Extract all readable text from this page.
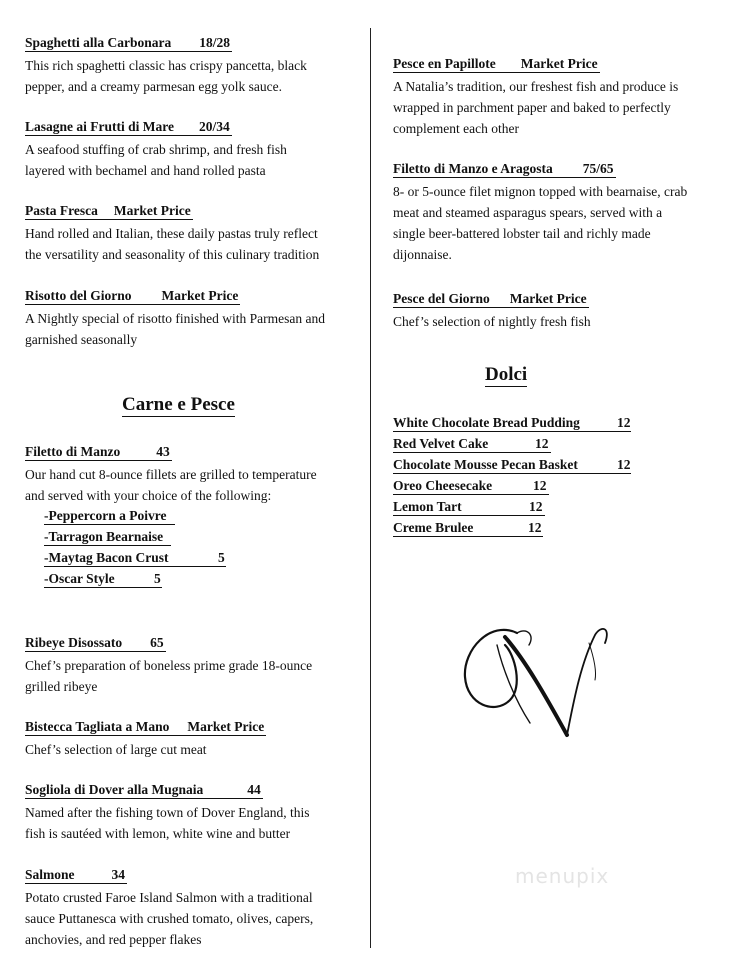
Spaghetti alla Carbonara 18/28
This rich spaghetti classic has crispy pancetta, black
pepper, and a creamy parmesan egg yolk sauce.
Lasagne ai Frutti di Mare 20/34
A seafood stuffing of crab shrimp, and fresh fish
layered with bechamel and hand rolled pasta
Pasta Fresca Market Price
Hand rolled and Italian, these daily pastas truly reflect
the versatility and seasonality of this culinary tradition
Risotto del Giorno Market Price
A Nightly special of risotto finished with Parmesan and
garnished seasonally
Carne e Pesce
Filetto di Manzo	43
Our hand cut 8-ounce fillets are grilled to temperature
and served with your choice of the following:
-Peppercorn a Poivre
-Tarragon Bearnaise
-Maytag Bacon Crust	5
-Oscar Style	5
Ribeye Disossato 65
Chef’s preparation of boneless prime grade 18-ounce
grilled ribeye
Bistecca Tagliata a Mano Market Price
Chef’s selection of large cut meat
Sogliola di Dover alla Mugnaia	44
Named after the fishing town of Dover England, this
fish is sautéed with lemon, white wine and butter
Salmone	34
Potato crusted Faroe Island Salmon with a traditional
sauce Puttanesca with crushed tomato, olives, capers,
anchovies, and red pepper flakes
Pesce en Papillote Market Price
A Natalia’s tradition, our freshest fish and produce is
wrapped in parchment paper and baked to perfectly
complement each other
Filetto di Manzo e Aragosta 75/65
8- or 5-ounce filet mignon topped with bearnaise, crab
meat and steamed asparagus spears, served with a
single beer-battered lobster tail and richly made
dijonnaise.
Pesce del Giorno Market Price
Chef’s selection of nightly fresh fish
Dolci
White Chocolate Bread Pudding	12
Red Velvet Cake	12
Chocolate Mousse Pecan Basket	12
Oreo Cheesecake	12
Lemon Tart	12
Creme Brulee	12
menupix
